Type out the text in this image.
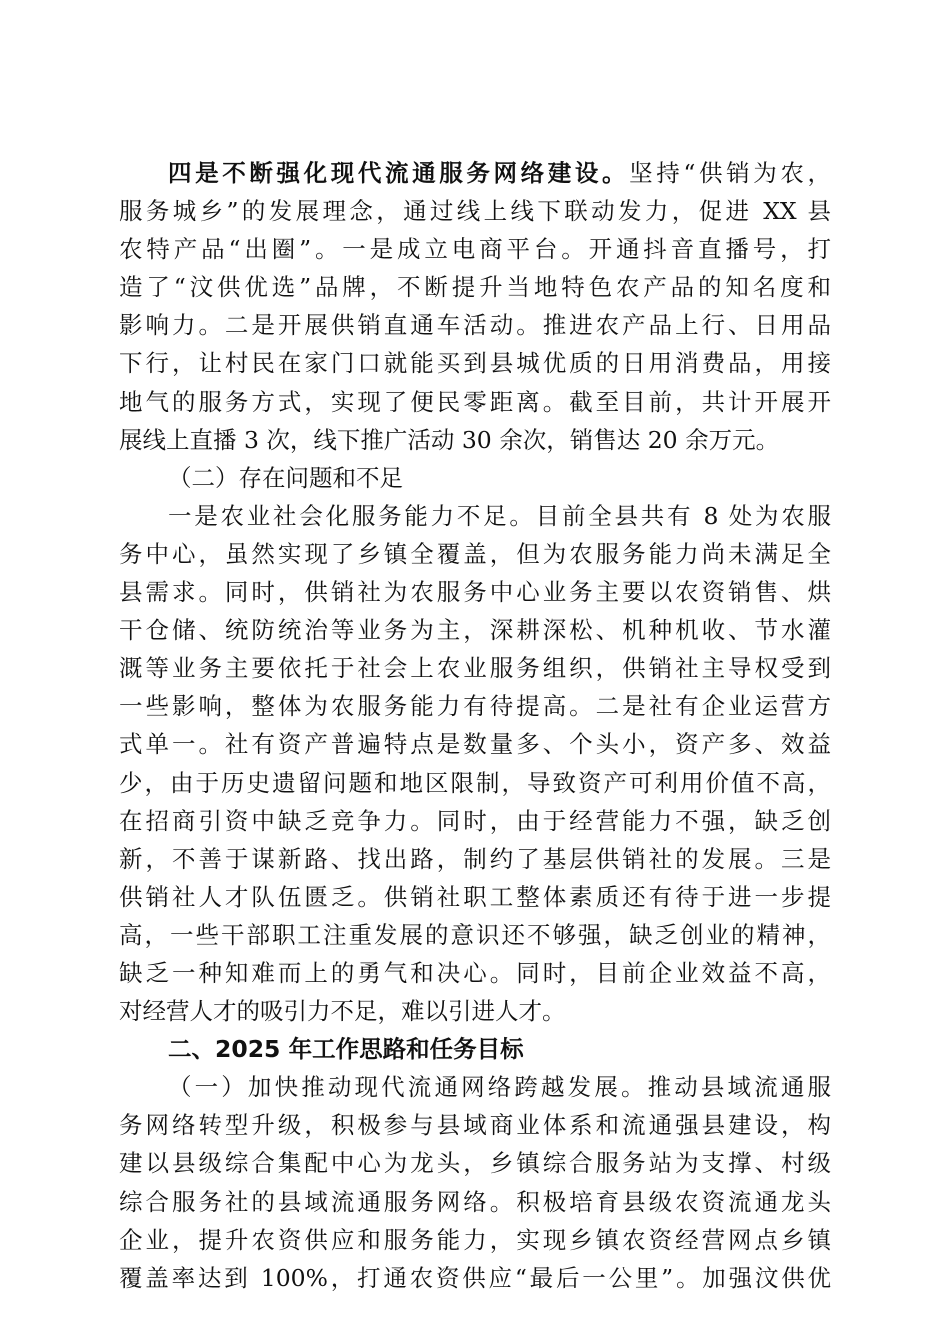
四是不断强化现代流通服务网络建设。坚持“供销为农，
服务城乡”的发展理念，通过线上线下联动发力，促进 XX 县
农特产品“出圈”。一是成立电商平台。开通抖音直播号，打
造了“汶供优选”品牌，不断提升当地特色农产品的知名度和
影响力。二是开展供销直通车活动。推进农产品上行、日用品
下行，让村民在家门口就能买到县城优质的日用消费品，用接
地气的服务方式，实现了便民零距离。截至目前，共计开展开
展线上直播 3 次，线下推广活动 30 余次，销售达 20 余万元。
（二）存在问题和不足
一是农业社会化服务能力不足。目前全县共有 8 处为农服
务中心，虽然实现了乡镇全覆盖，但为农服务能力尚未满足全
县需求。同时，供销社为农服务中心业务主要以农资销售、烘
干仓储、统防统治等业务为主，深耕深松、机种机收、节水灌
溉等业务主要依托于社会上农业服务组织，供销社主导权受到
一些影响，整体为农服务能力有待提高。二是社有企业运营方
式单一。社有资产普遍特点是数量多、个头小，资产多、效益
少，由于历史遗留问题和地区限制，导致资产可利用价值不高，
在招商引资中缺乏竞争力。同时，由于经营能力不强，缺乏创
新，不善于谋新路、找出路，制约了基层供销社的发展。三是
供销社人才队伍匮乏。供销社职工整体素质还有待于进一步提
高，一些干部职工注重发展的意识还不够强，缺乏创业的精神，
缺乏一种知难而上的勇气和决心。同时，目前企业效益不高，
对经营人才的吸引力不足，难以引进人才。
二、2025 年工作思路和任务目标
（一）加快推动现代流通网络跨越发展。推动县域流通服
务网络转型升级，积极参与县域商业体系和流通强县建设，构
建以县级综合集配中心为龙头，乡镇综合服务站为支撑、村级
综合服务社的县域流通服务网络。积极培育县级农资流通龙头
企业，提升农资供应和服务能力，实现乡镇农资经营网点乡镇
覆盖率达到 100%，打通农资供应“最后一公里”。加强汶供优
